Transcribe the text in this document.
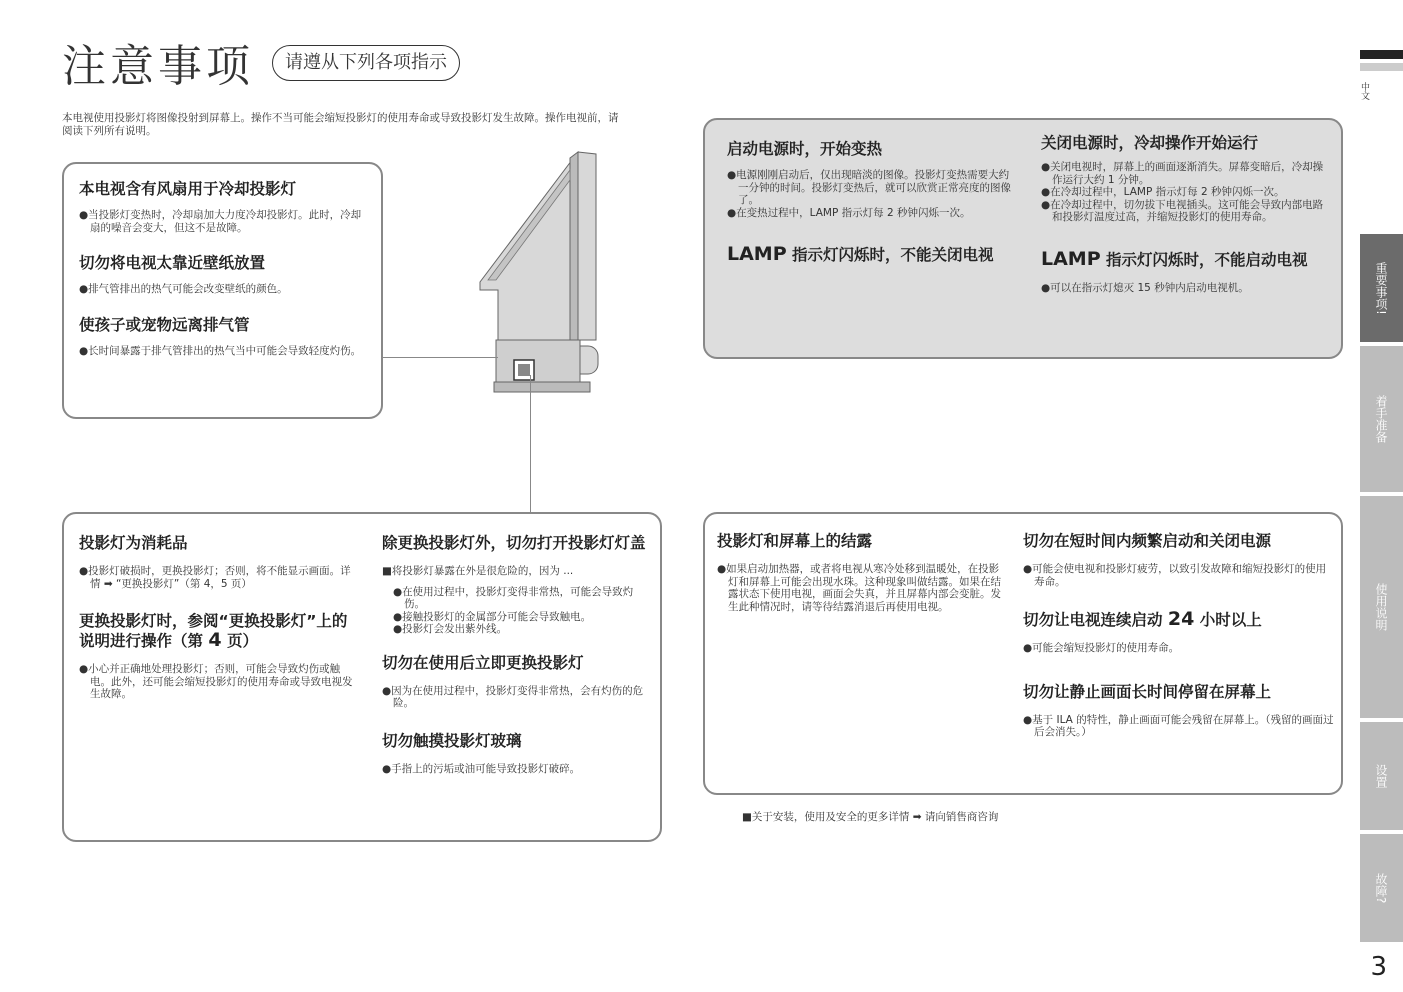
注意事项	请遵从下列各项指示
本电视使用投影灯将图像投射到屏幕上。操作不当可能会缩短投影灯的使用寿命或导致投影灯发生故障。操作电视前，请阅读下列所有说明。
中文
重要事项!
着手准备
使用说明
设置
故障?
3
本电视含有风扇用于冷却投影灯
●当投影灯变热时，冷却扇加大力度冷却投影灯。此时，冷却扇的噪音会变大，但这不是故障。
切勿将电视太靠近壁纸放置
●排气管排出的热气可能会改变壁纸的颜色。
使孩子或宠物远离排气管
●长时间暴露于排气管排出的热气当中可能会导致轻度灼伤。
启动电源时，开始变热
●电源刚刚启动后，仅出现暗淡的图像。投影灯变热需要大约一分钟的时间。投影灯变热后，就可以欣赏正常亮度的图像了。
●在变热过程中，LAMP 指示灯每 2 秒钟闪烁一次。
LAMP 指示灯闪烁时，不能关闭电视
关闭电源时，冷却操作开始运行
●关闭电视时，屏幕上的画面逐渐消失。屏幕变暗后，冷却操作运行大约 1 分钟。
●在冷却过程中，LAMP 指示灯每 2 秒钟闪烁一次。
●在冷却过程中，切勿拔下电视插头。这可能会导致内部电路和投影灯温度过高，并缩短投影灯的使用寿命。
LAMP 指示灯闪烁时，不能启动电视
●可以在指示灯熄灭 15 秒钟内启动电视机。
投影灯为消耗品
●投影灯破损时，更换投影灯；否则，将不能显示画面。详情 ➡ “更换投影灯”（第 4，5 页）
更换投影灯时，参阅“更换投影灯”上的说明进行操作（第 4 页）
●小心并正确地处理投影灯；否则，可能会导致灼伤或触电。此外，还可能会缩短投影灯的使用寿命或导致电视发生故障。
除更换投影灯外，切勿打开投影灯灯盖
■将投影灯暴露在外是很危险的，因为 ...
●在使用过程中，投影灯变得非常热，可能会导致灼伤。
●接触投影灯的金属部分可能会导致触电。
●投影灯会发出紫外线。
切勿在使用后立即更换投影灯
●因为在使用过程中，投影灯变得非常热，会有灼伤的危险。
切勿触摸投影灯玻璃
●手指上的污垢或油可能导致投影灯破碎。
投影灯和屏幕上的结露
●如果启动加热器，或者将电视从寒冷处移到温暖处，在投影灯和屏幕上可能会出现水珠。这种现象叫做结露。如果在结露状态下使用电视，画面会失真，并且屏幕内部会变脏。发生此种情况时，请等待结露消退后再使用电视。
切勿在短时间内频繁启动和关闭电源
●可能会使电视和投影灯疲劳，以致引发故障和缩短投影灯的使用寿命。
切勿让电视连续启动 24 小时以上
●可能会缩短投影灯的使用寿命。
切勿让静止画面长时间停留在屏幕上
●基于 ILA 的特性，静止画面可能会残留在屏幕上。（残留的画面过后会消失。）
■关于安装，使用及安全的更多详情 ➡ 请向销售商咨询
